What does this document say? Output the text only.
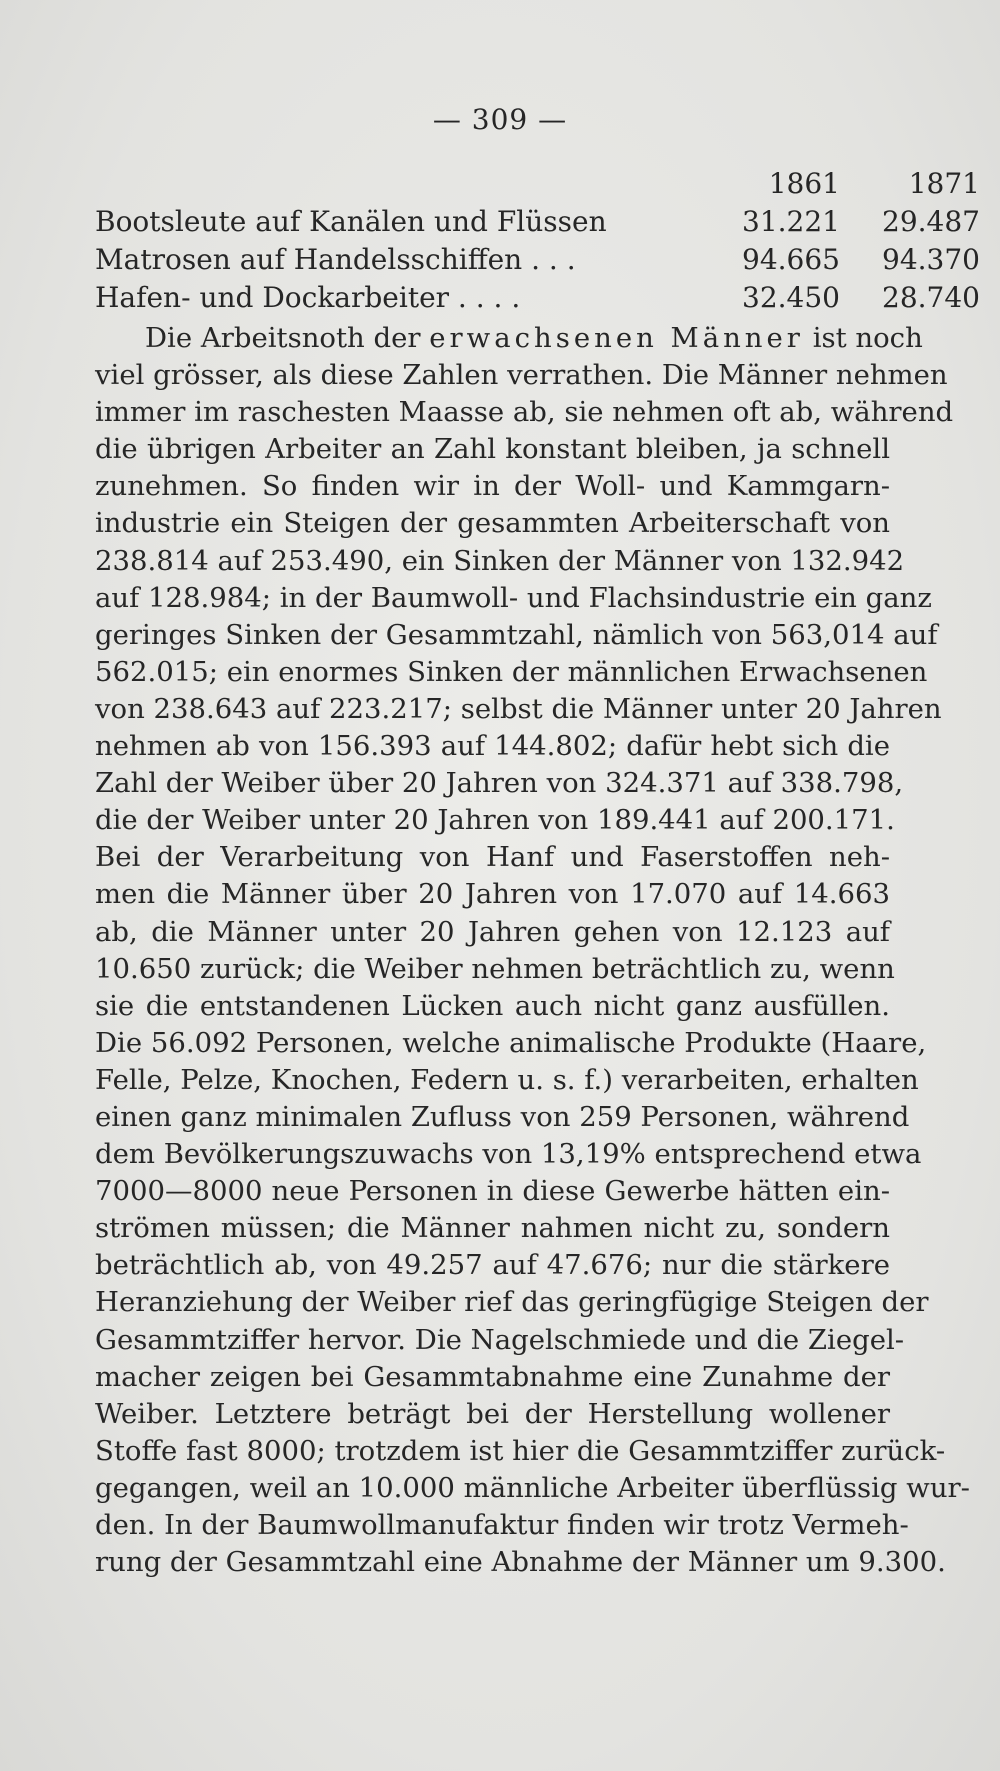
— 309 —
1861	1871
Bootsleute auf Kanälen und Flüssen	31.221	29.487
Matrosen auf Handelsschiffen . . .	94.665	94.370
Hafen- und Dockarbeiter . . . .	32.450	28.740
Die Arbeitsnoth der erwachsenen Männer ist noch
viel grösser, als diese Zahlen verrathen. Die Männer nehmen
immer im raschesten Maasse ab, sie nehmen oft ab, während
die übrigen Arbeiter an Zahl konstant bleiben, ja schnell
zunehmen. So finden wir in der Woll- und Kammgarn-
industrie ein Steigen der gesammten Arbeiterschaft von
238.814 auf 253.490, ein Sinken der Männer von 132.942
auf 128.984; in der Baumwoll- und Flachsindustrie ein ganz
geringes Sinken der Gesammtzahl, nämlich von 563,014 auf
562.015; ein enormes Sinken der männlichen Erwachsenen
von 238.643 auf 223.217; selbst die Männer unter 20 Jahren
nehmen ab von 156.393 auf 144.802; dafür hebt sich die
Zahl der Weiber über 20 Jahren von 324.371 auf 338.798,
die der Weiber unter 20 Jahren von 189.441 auf 200.171.
Bei der Verarbeitung von Hanf und Faserstoffen neh-
men die Männer über 20 Jahren von 17.070 auf 14.663
ab, die Männer unter 20 Jahren gehen von 12.123 auf
10.650 zurück; die Weiber nehmen beträchtlich zu, wenn
sie die entstandenen Lücken auch nicht ganz ausfüllen.
Die 56.092 Personen, welche animalische Produkte (Haare,
Felle, Pelze, Knochen, Federn u. s. f.) verarbeiten, erhalten
einen ganz minimalen Zufluss von 259 Personen, während
dem Bevölkerungszuwachs von 13,19% entsprechend etwa
7000—8000 neue Personen in diese Gewerbe hätten ein-
strömen müssen; die Männer nahmen nicht zu, sondern
beträchtlich ab, von 49.257 auf 47.676; nur die stärkere
Heranziehung der Weiber rief das geringfügige Steigen der
Gesammtziffer hervor. Die Nagelschmiede und die Ziegel-
macher zeigen bei Gesammtabnahme eine Zunahme der
Weiber. Letztere beträgt bei der Herstellung wollener
Stoffe fast 8000; trotzdem ist hier die Gesammtziffer zurück-
gegangen, weil an 10.000 männliche Arbeiter überflüssig wur-
den. In der Baumwollmanufaktur finden wir trotz Vermeh-
rung der Gesammtzahl eine Abnahme der Männer um 9.300.
